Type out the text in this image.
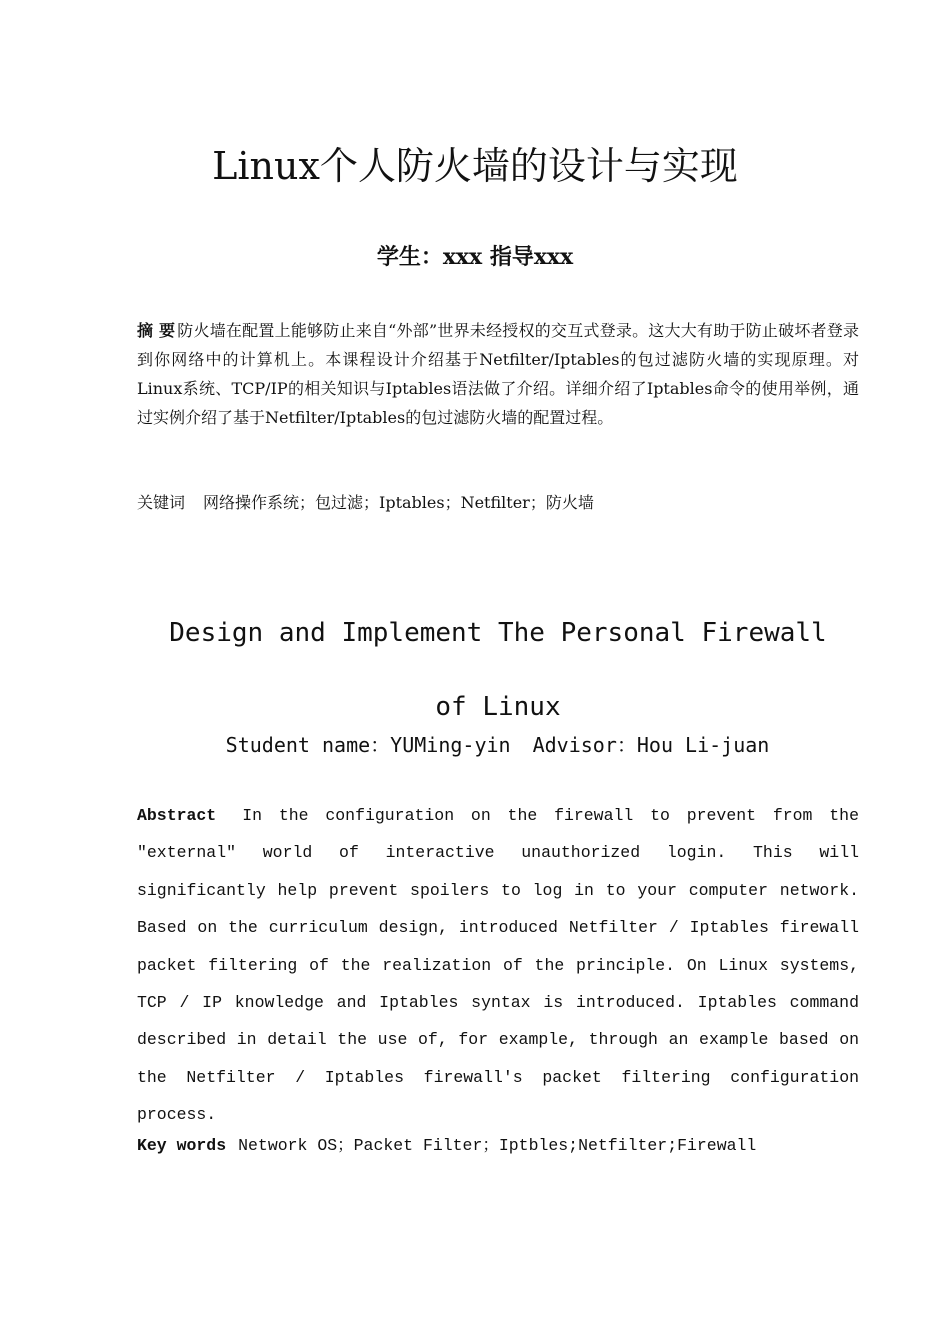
Linux个人防火墙的设计与实现
学生：xxx 指导xxx
摘 要 防火墙在配置上能够防止来自“外部”世界未经授权的交互式登录。这大大有助于防止破坏者登录到你网络中的计算机上。本课程设计介绍基于Netfilter/Iptables的包过滤防火墙的实现原理。对Linux系统、TCP/IP的相关知识与Iptables语法做了介绍。详细介绍了Iptables命令的使用举例，通过实例介绍了基于Netfilter/Iptables的包过滤防火墙的配置过程。
关键词 网络操作系统；包过滤；Iptables；Netfilter；防火墙
Design and Implement The Personal Firewall of Linux
Student name：YUMing-yin Advisor：Hou Li-juan
Abstract In the configuration on the firewall to prevent from the "external" world of interactive unauthorized login. This will significantly help prevent spoilers to log in to your computer network. Based on the curriculum design, introduced Netfilter / Iptables firewall packet filtering of the realization of the principle. On Linux systems, TCP / IP knowledge and Iptables syntax is introduced. Iptables command described in detail the use of, for example, through an example based on the Netfilter / Iptables firewall's packet filtering configuration process.
Key words Network OS；Packet Filter；Iptbles;Netfilter;Firewall
